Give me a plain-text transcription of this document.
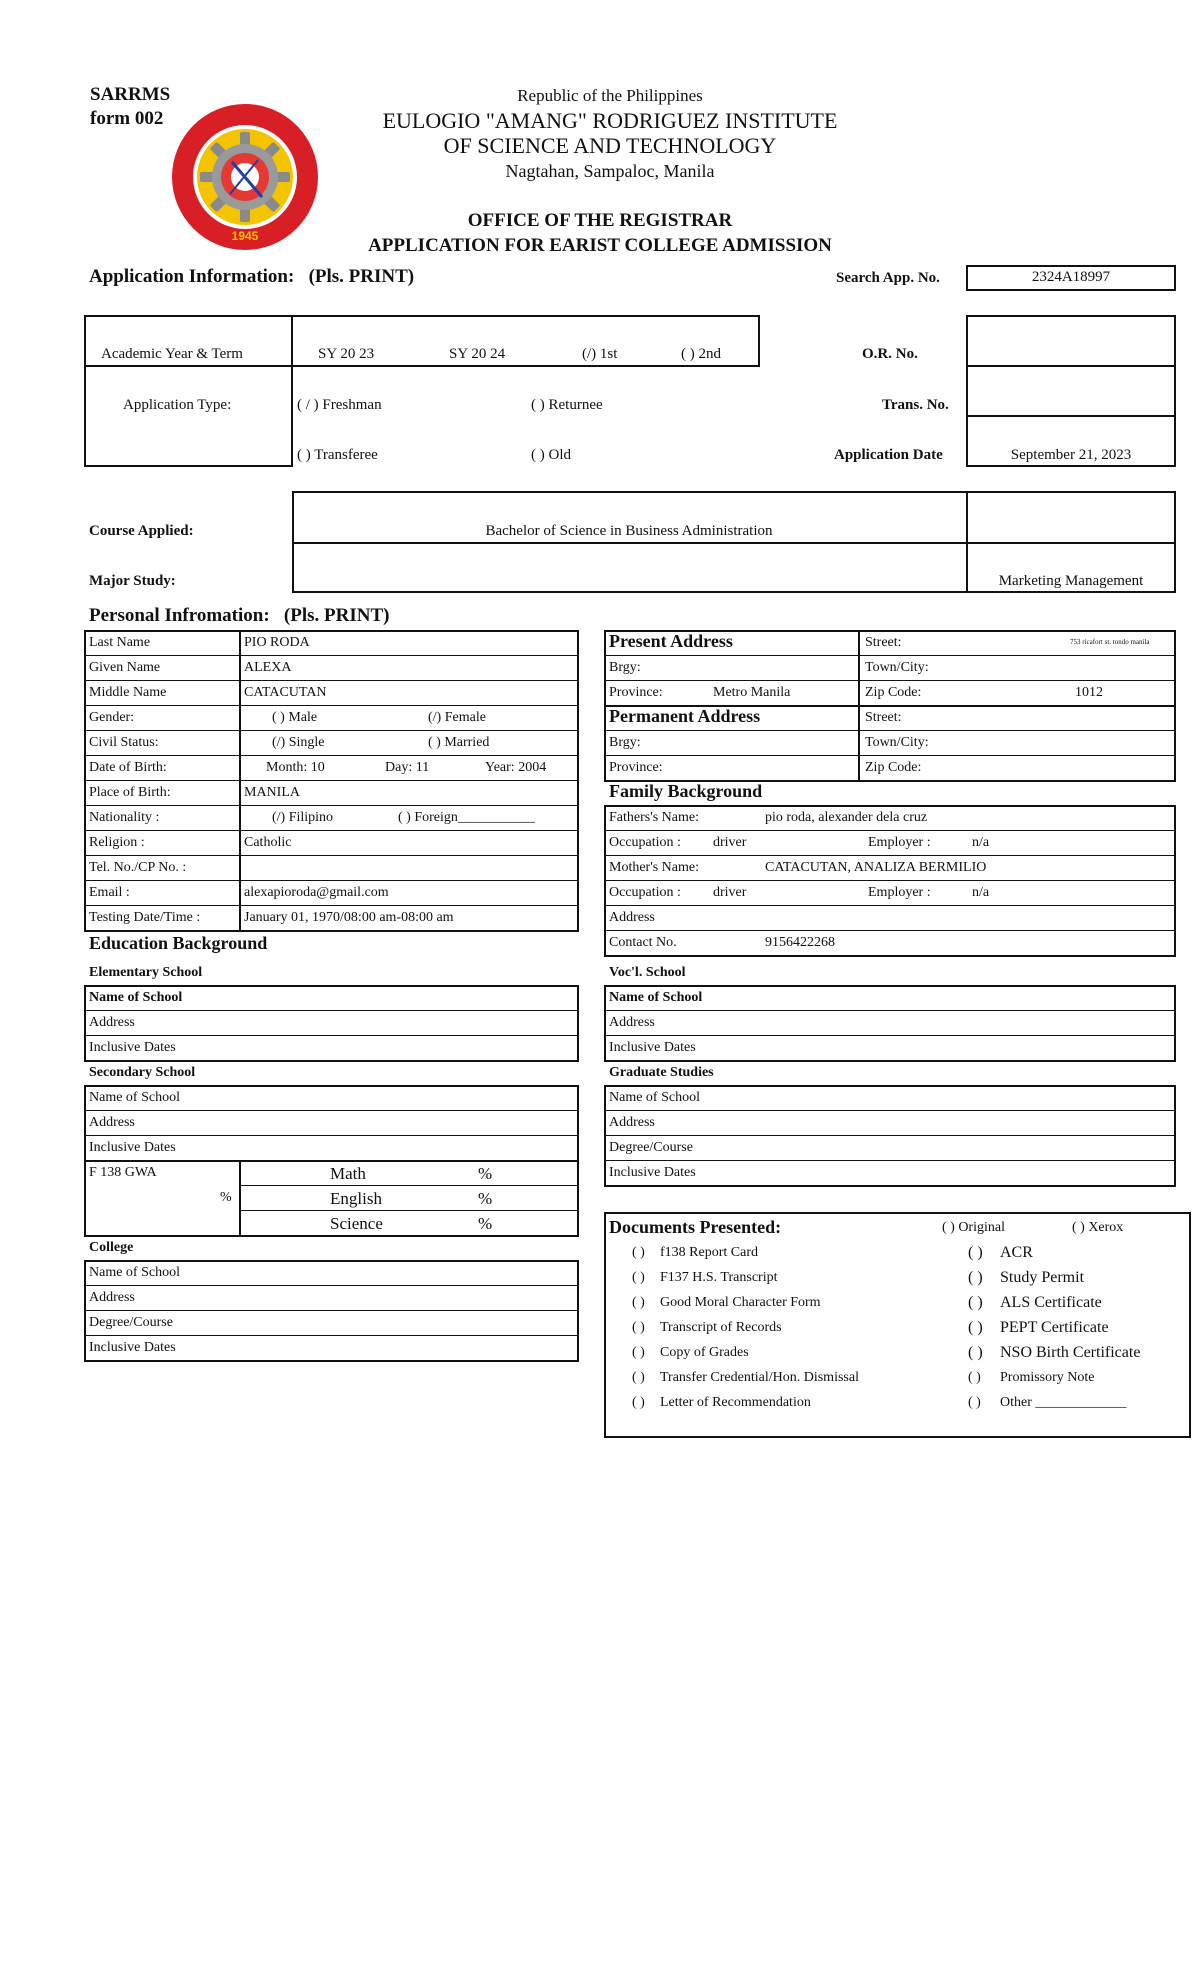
SARRMS
form 002
1945
Republic of the Philippines
EULOGIO "AMANG" RODRIGUEZ INSTITUTE
OF SCIENCE AND TECHNOLOGY
Nagtahan, Sampaloc, Manila
OFFICE OF THE REGISTRAR
APPLICATION FOR EARIST COLLEGE ADMISSION
Application Information: (Pls. PRINT)	Search App. No.	2324A18997
Academic Year & Term	SY 20 23	SY 20 24	(/) 1st	( ) 2nd
Application Type:	( / ) Freshman	( ) Returnee
( ) Transferee	( ) Old
O.R. No.
Trans. No.
Application Date	September 21, 2023
Course Applied:	Bachelor of Science in Business Administration
Major Study:	Marketing Management
Personal Infromation: (Pls. PRINT)
Last Name	PIO RODA
Given Name	ALEXA
Middle Name	CATACUTAN
Gender:	( ) Male	(/) Female
Civil Status:	(/) Single	( ) Married
Date of Birth:	Month: 10	Day: 11	Year: 2004
Place of Birth:	MANILA
Nationality :	(/) Filipino	( ) Foreign___________
Religion :	Catholic
Tel. No./CP No. :
Email :	alexapioroda@gmail.com
Testing Date/Time :	January 01, 1970/08:00 am-08:00 am
Present Address	Street:	753 ricafort st. tondo manila
Brgy:	Town/City:
Province:	Metro Manila	Zip Code:	1012
Permanent Address	Street:
Brgy:	Town/City:
Province:	Zip Code:
Family Background
Fathers's Name:	pio roda, alexander dela cruz
Occupation : driver	Employer :	n/a
Mother's Name:	CATACUTAN, ANALIZA BERMILIO
Occupation : driver	Employer :	n/a
Address
Contact No.	9156422268
Education Background
Elementary School
Name of School
Address
Inclusive Dates
Secondary School
Name of School
Address
Inclusive Dates
F 138 GWA
%
Math	%
English	%
Science	%
College
Name of School
Address
Degree/Course
Inclusive Dates
Voc'l. School
Name of School
Address
Inclusive Dates
Graduate Studies
Name of School
Address
Degree/Course
Inclusive Dates
Documents Presented:	( ) Original	( ) Xerox
( ) f138 Report Card
( ) F137 H.S. Transcript
( ) Good Moral Character Form
( ) Transcript of Records
( ) Copy of Grades
( ) Transfer Credential/Hon. Dismissal
( ) Letter of Recommendation
( ) ACR
( ) Study Permit
( ) ALS Certificate
( ) PEPT Certificate
( ) NSO Birth Certificate
( ) Promissory Note
( ) Other _____________
